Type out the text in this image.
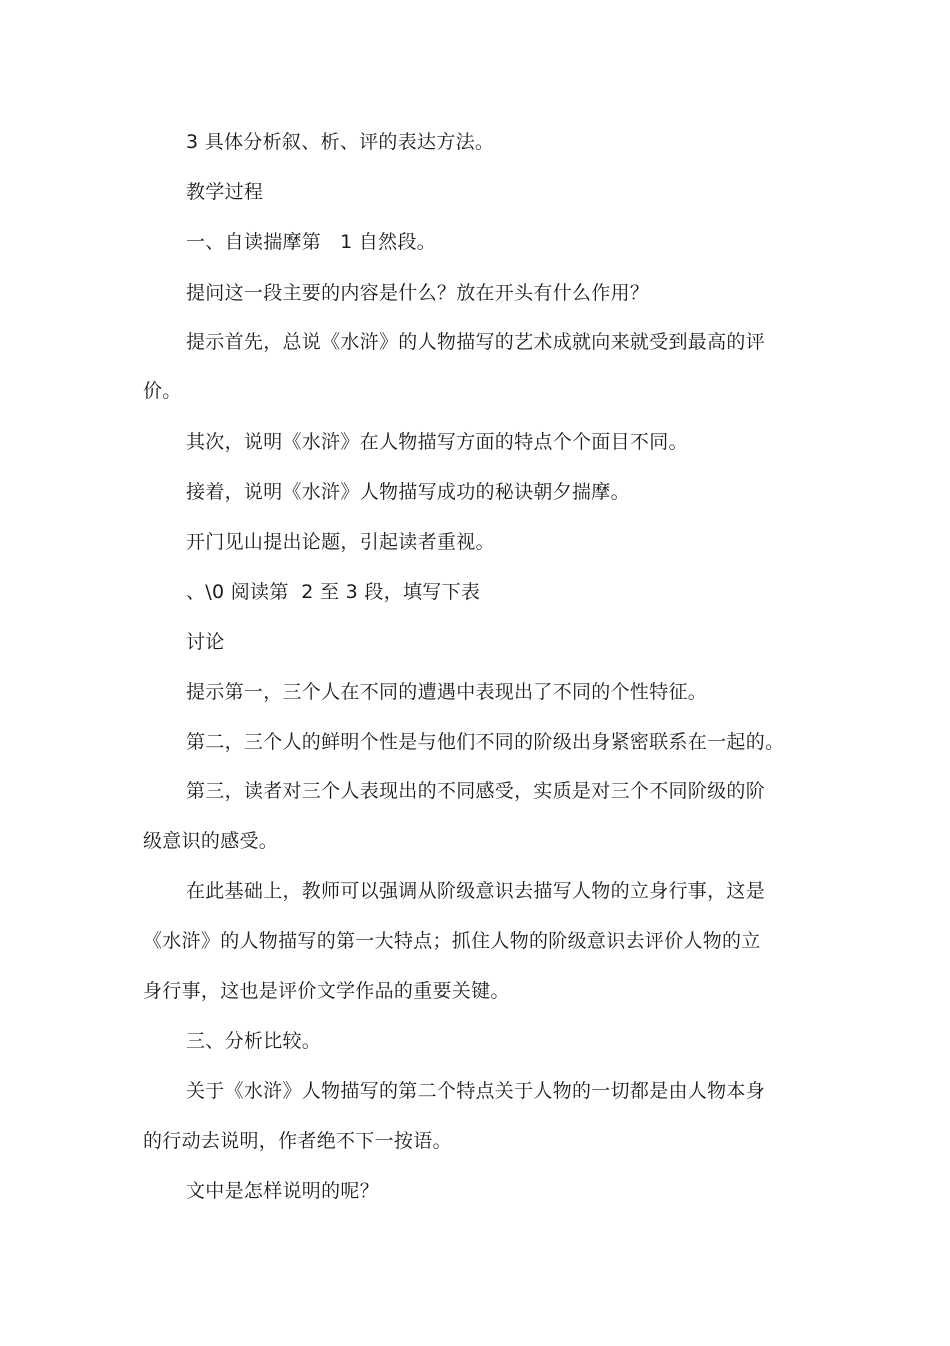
3 具体分析叙、析、评的表达方法。
教学过程
一、自读揣摩第   1 自然段。
提问这一段主要的内容是什么？放在开头有什么作用？
提示首先，总说《水浒》的人物描写的艺术成就向来就受到最高的评
价。
其次，说明《水浒》在人物描写方面的特点个个面目不同。
接着，说明《水浒》人物描写成功的秘诀朝夕揣摩。
开门见山提出论题，引起读者重视。
、\0 阅读第  2 至 3 段，填写下表
讨论
提示第一，三个人在不同的遭遇中表现出了不同的个性特征。
第二，三个人的鲜明个性是与他们不同的阶级出身紧密联系在一起的。
第三，读者对三个人表现出的不同感受，实质是对三个不同阶级的阶
级意识的感受。
在此基础上，教师可以强调从阶级意识去描写人物的立身行事，这是
《水浒》的人物描写的第一大特点；抓住人物的阶级意识去评价人物的立
身行事，这也是评价文学作品的重要关键。
三、分析比较。
关于《水浒》人物描写的第二个特点关于人物的一切都是由人物本身
的行动去说明，作者绝不下一按语。
文中是怎样说明的呢？
